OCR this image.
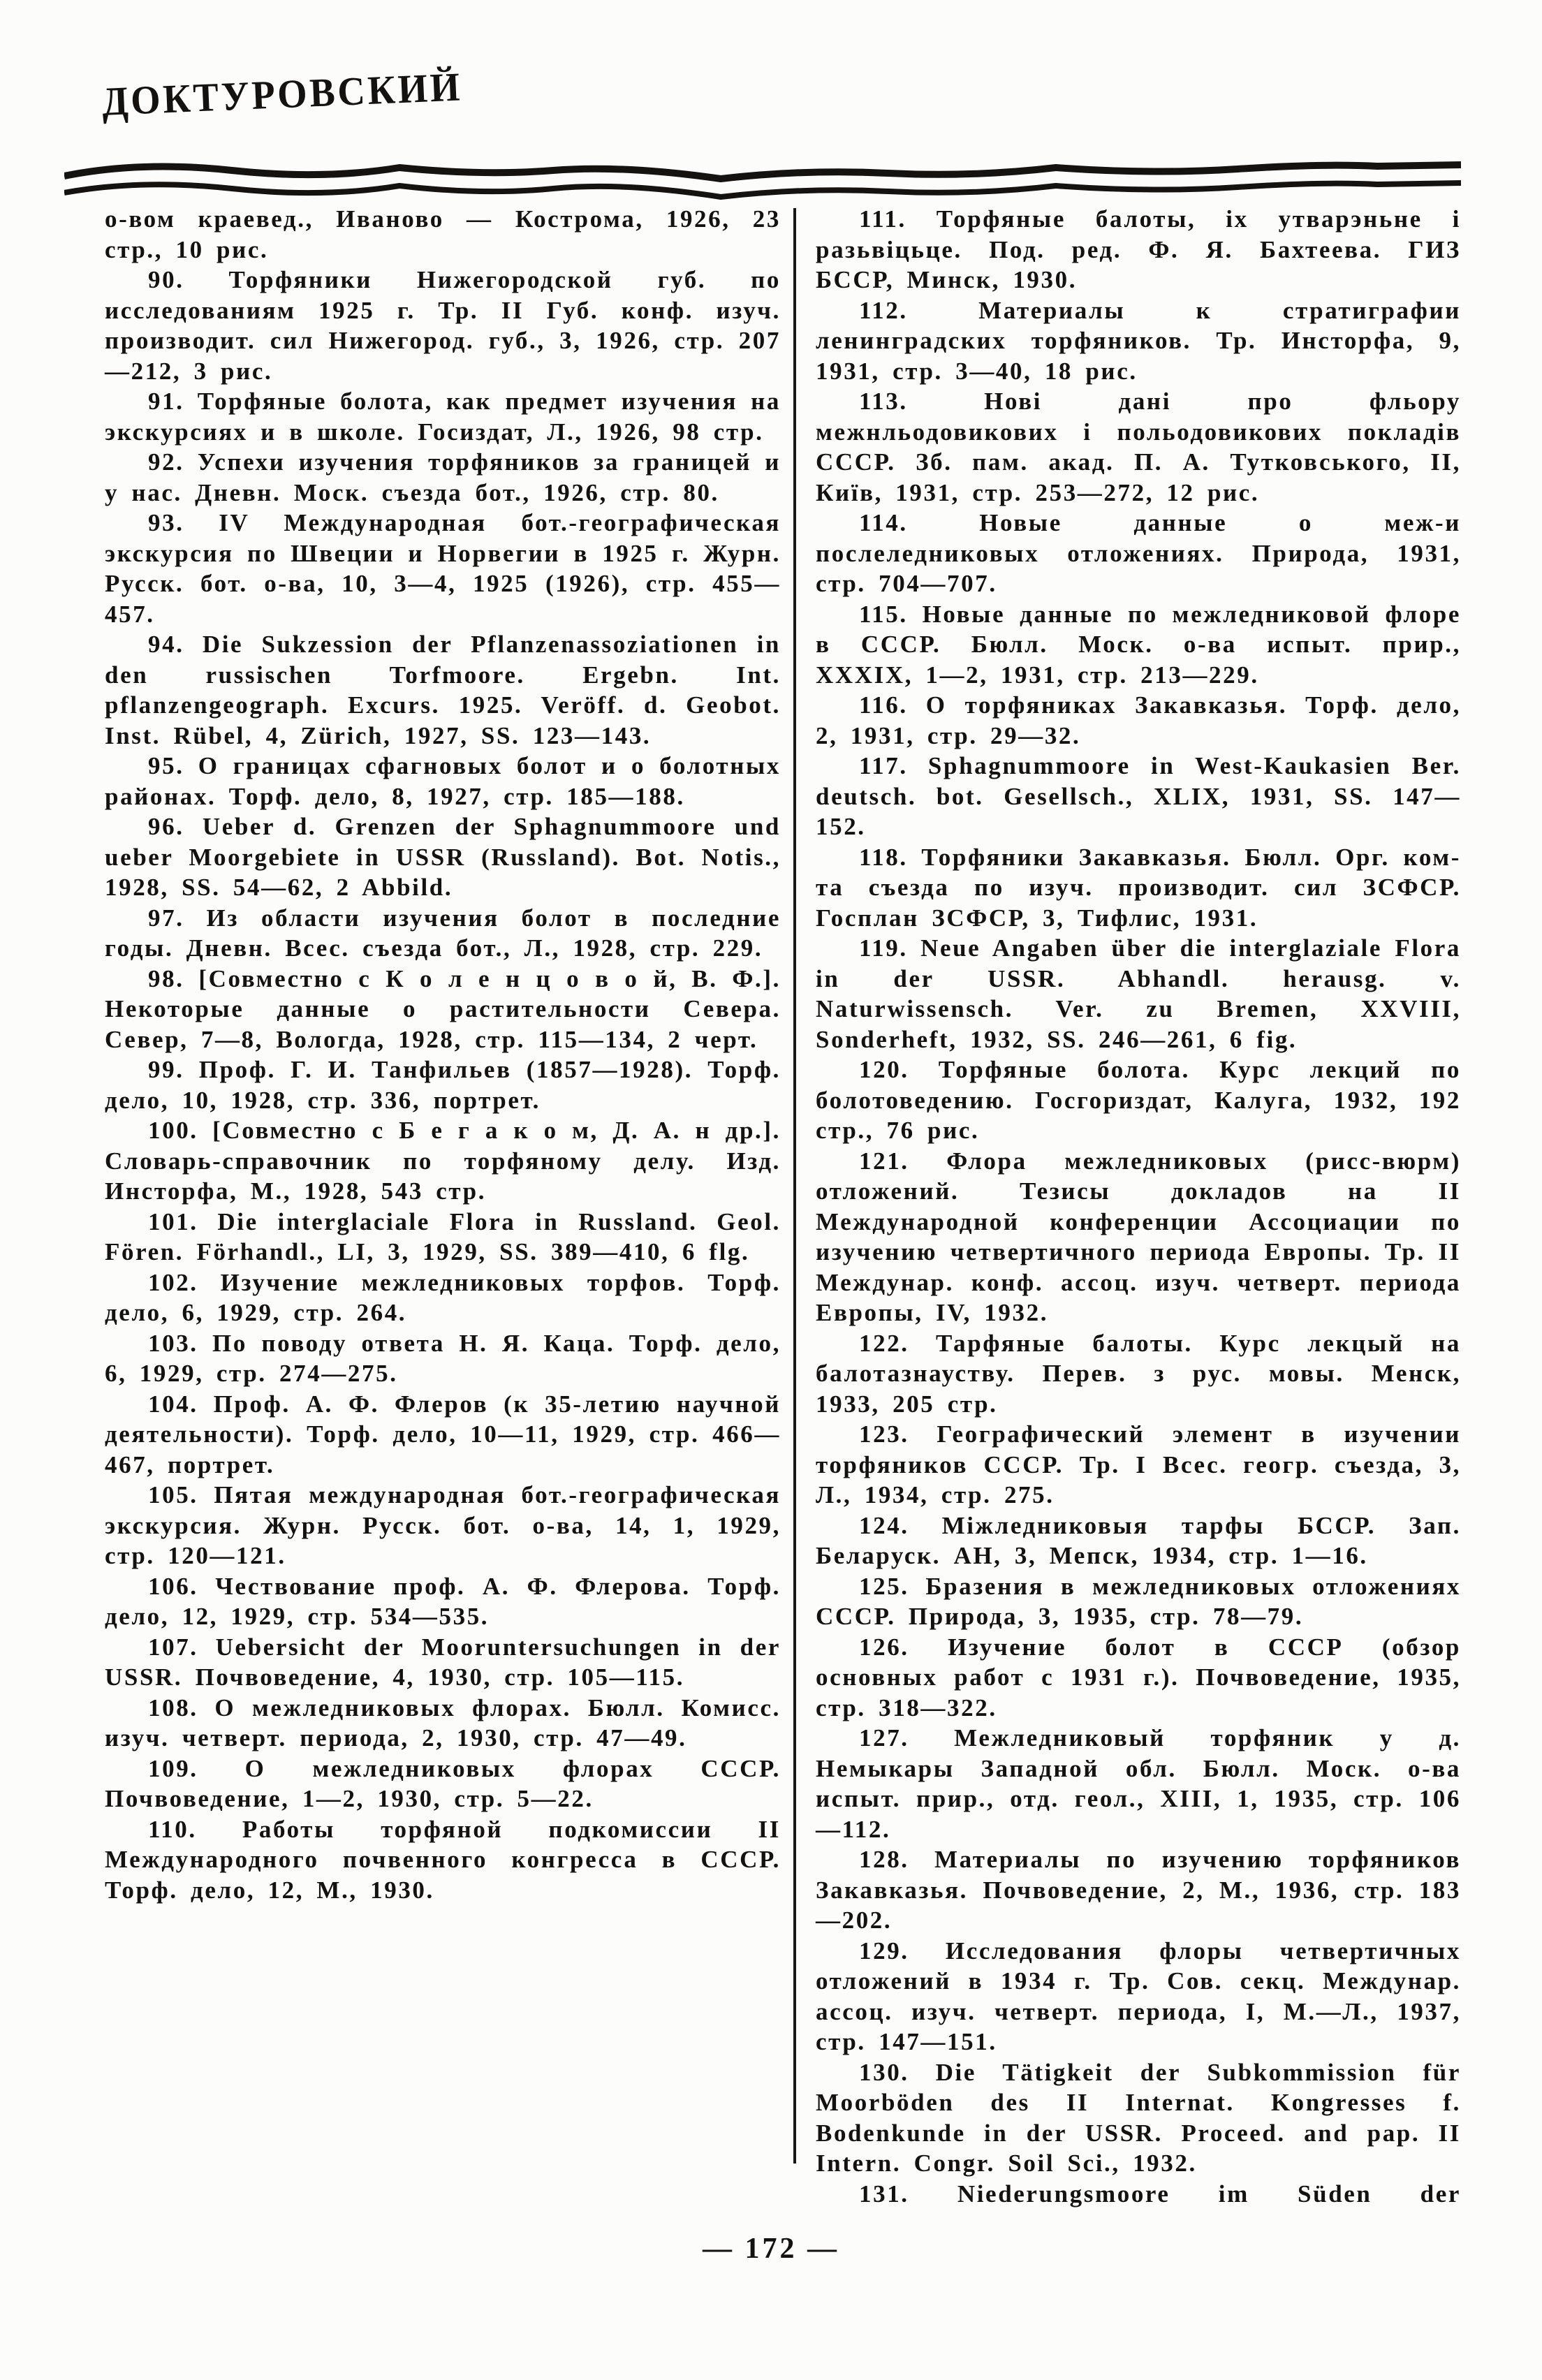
ДОКТУРОВСКИЙ

о-вом краевед., Иваново — Кострома, 1926, 23 стр., 10 рис.

90. Торфяники Нижегородской губ. по исследованиям 1925 г. Тр. II Губ. конф. изуч. производит. сил Нижегород. губ., 3, 1926, стр. 207—212, 3 рис.

91. Торфяные болота, как предмет изучения на экскурсиях и в школе. Госиздат, Л., 1926, 98 стр.

92. Успехи изучения торфяников за границей и у нас. Дневн. Моск. съезда бот., 1926, стр. 80.

93. IV Международная бот.-географическая экскурсия по Швеции и Норвегии в 1925 г. Журн. Русск. бот. о-ва, 10, 3—4, 1925 (1926), стр. 455—457.

94. Die Sukzession der Pflanzenassoziationen in den russischen Torfmoore. Ergebn. Int. pflanzengeograph. Excurs. 1925. Veröff. d. Geobot. Inst. Rübel, 4, Zürich, 1927, SS. 123—143.

95. О границах сфагновых болот и о болотных районах. Торф. дело, 8, 1927, стр. 185—188.

96. Ueber d. Grenzen der Sphagnummoore und ueber Moorgebiete in USSR (Russland). Bot. Notis., 1928, SS. 54—62, 2 Abbild.

97. Из области изучения болот в последние годы. Дневн. Всес. съезда бот., Л., 1928, стр. 229.

98. [Совместно с К о л е н ц о в о й, В. Ф.]. Некоторые данные о растительности Севера. Север, 7—8, Вологда, 1928, стр. 115—134, 2 черт.

99. Проф. Г. И. Танфильев (1857—1928). Торф. дело, 10, 1928, стр. 336, портрет.

100. [Совместно с Б е г а к о м, Д. А. н др.]. Словарь-справочник по торфяному делу. Изд. Инсторфа, М., 1928, 543 стр.

101. Die interglaciale Flora in Russland. Geol. Fören. Förhandl., LI, 3, 1929, SS. 389—410, 6 flg.

102. Изучение межледниковых торфов. Торф. дело, 6, 1929, стр. 264.

103. По поводу ответа Н. Я. Каца. Торф. дело, 6, 1929, стр. 274—275.

104. Проф. А. Ф. Флеров (к 35-летию научной деятельности). Торф. дело, 10—11, 1929, стр. 466—467, портрет.

105. Пятая международная бот.-географическая экскурсия. Журн. Русск. бот. о-ва, 14, 1, 1929, стр. 120—121.

106. Чествование проф. А. Ф. Флерова. Торф. дело, 12, 1929, стр. 534—535.

107. Uebersicht der Mooruntersuchungen in der USSR. Почвоведение, 4, 1930, стр. 105—115.

108. О межледниковых флорах. Бюлл. Комисс. изуч. четверт. периода, 2, 1930, стр. 47—49.

109. О межледниковых флорах СССР. Почвоведение, 1—2, 1930, стр. 5—22.

110. Работы торфяной подкомиссии II Международного почвенного конгресса в СССР. Торф. дело, 12, М., 1930.

111. Торфяные балоты, іх утварэньне і разьвіцьце. Под. ред. Ф. Я. Бахтеева. ГИЗ БССР, Минск, 1930.

112. Материалы к стратиграфии ленинградских торфяников. Тр. Инсторфа, 9, 1931, стр. 3—40, 18 рис.

113. Нові дані про фльору межнльодовикових і польодовикових покладів СССР. Зб. пам. акад. П. А. Тутковського, II, Київ, 1931, стр. 253—272, 12 рис.

114. Новые данные о меж-и послеледниковых отложениях. Природа, 1931, стр. 704—707.

115. Новые данные по межледниковой флоре в СССР. Бюлл. Моск. о-ва испыт. прир., XXXIX, 1—2, 1931, стр. 213—229.

116. О торфяниках Закавказья. Торф. дело, 2, 1931, стр. 29—32.

117. Sphagnummoore in West-Kaukasien Ber. deutsch. bot. Gesellsch., XLIX, 1931, SS. 147—152.

118. Торфяники Закавказья. Бюлл. Орг. ком-та съезда по изуч. производит. сил ЗСФСР. Госплан ЗСФСР, 3, Тифлис, 1931.

119. Neue Angaben über die interglaziale Flora in der USSR. Abhandl. herausg. v. Naturwissensch. Ver. zu Bremen, XXVIII, Sonderheft, 1932, SS. 246—261, 6 fig.

120. Торфяные болота. Курс лекций по болотоведению. Госгориздат, Калуга, 1932, 192 стр., 76 рис.

121. Флора межледниковых (рисс-вюрм) отложений. Тезисы докладов на II Международной конференции Ассоциации по изучению четвертичного периода Европы. Тр. II Междунар. конф. ассоц. изуч. четверт. периода Европы, IV, 1932.

122. Тарфяные балоты. Курс лекцый на балотазнауству. Перев. з рус. мовы. Менск, 1933, 205 стр.

123. Географический элемент в изучении торфяников СССР. Тр. I Всес. геогр. съезда, 3, Л., 1934, стр. 275.

124. Міжледниковыя тарфы БССР. Зап. Беларуск. АН, 3, Мепск, 1934, стр. 1—16.

125. Бразения в межледниковых отложениях СССР. Природа, 3, 1935, стр. 78—79.

126. Изучение болот в СССР (обзор основных работ с 1931 г.). Почвоведение, 1935, стр. 318—322.

127. Межледниковый торфяник у д. Немыкары Западной обл. Бюлл. Моск. о-ва испыт. прир., отд. геол., XIII, 1, 1935, стр. 106—112.

128. Материалы по изучению торфяников Закавказья. Почвоведение, 2, М., 1936, стр. 183—202.

129. Исследования флоры четвертичных отложений в 1934 г. Тр. Сов. секц. Междунар. ассоц. изуч. четверт. периода, I, М.—Л., 1937, стр. 147—151.

130. Die Tätigkeit der Subkommission für Moorböden des II Internat. Kongresses f. Bodenkunde in der USSR. Proceed. and pap. II Intern. Congr. Soil Sci., 1932.

131. Niederungsmoore im Süden der

— 172 —
